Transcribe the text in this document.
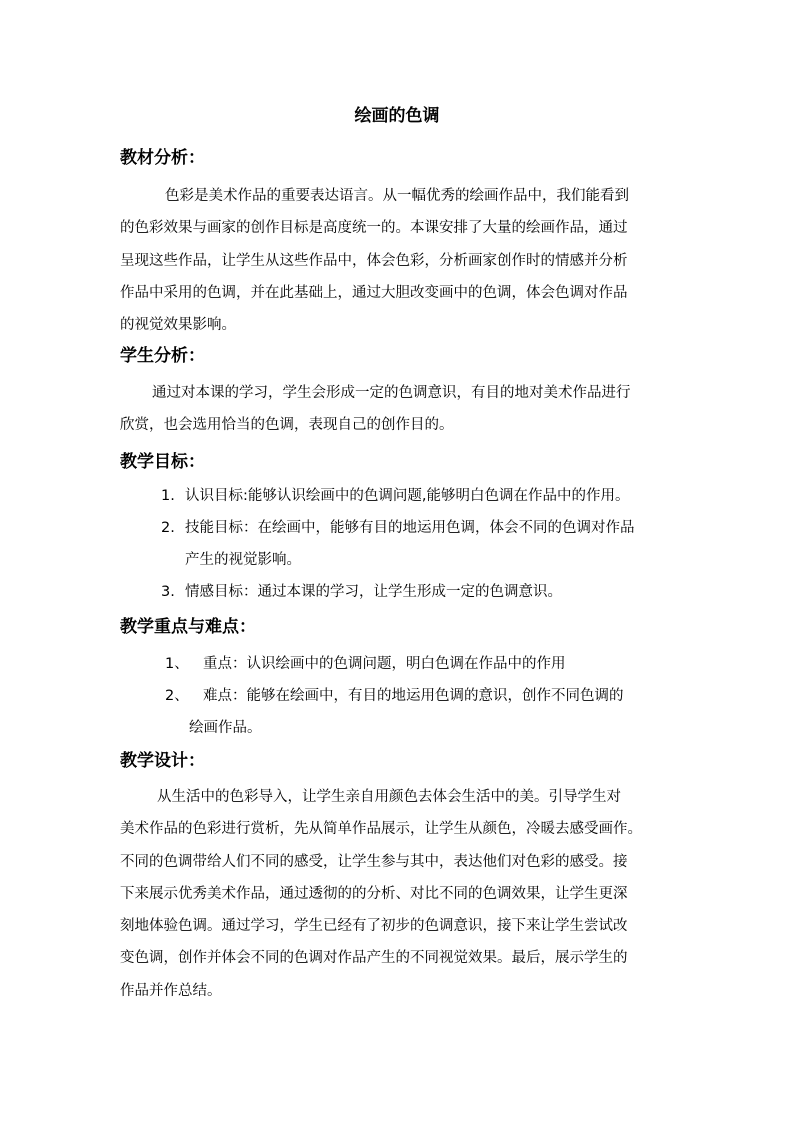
绘画的色调
教材分析：
色彩是美术作品的重要表达语言。从一幅优秀的绘画作品中，我们能看到
的色彩效果与画家的创作目标是高度统一的。本课安排了大量的绘画作品，通过
呈现这些作品，让学生从这些作品中，体会色彩，分析画家创作时的情感并分析
作品中采用的色调，并在此基础上，通过大胆改变画中的色调，体会色调对作品
的视觉效果影响。
学生分析：
通过对本课的学习，学生会形成一定的色调意识，有目的地对美术作品进行
欣赏，也会选用恰当的色调，表现自己的创作目的。
教学目标：
1. 认识目标:能够认识绘画中的色调问题,能够明白色调在作品中的作用。
2. 技能目标：在绘画中，能够有目的地运用色调，体会不同的色调对作品
产生的视觉影响。
3. 情感目标：通过本课的学习，让学生形成一定的色调意识。
教学重点与难点：
1、 重点：认识绘画中的色调问题，明白色调在作品中的作用
2、 难点：能够在绘画中，有目的地运用色调的意识，创作不同色调的
绘画作品。
教学设计：
从生活中的色彩导入，让学生亲自用颜色去体会生活中的美。引导学生对
美术作品的色彩进行赏析，先从简单作品展示，让学生从颜色，冷暖去感受画作。
不同的色调带给人们不同的感受，让学生参与其中，表达他们对色彩的感受。接
下来展示优秀美术作品，通过透彻的的分析、对比不同的色调效果，让学生更深
刻地体验色调。通过学习，学生已经有了初步的色调意识，接下来让学生尝试改
变色调，创作并体会不同的色调对作品产生的不同视觉效果。最后，展示学生的
作品并作总结。
